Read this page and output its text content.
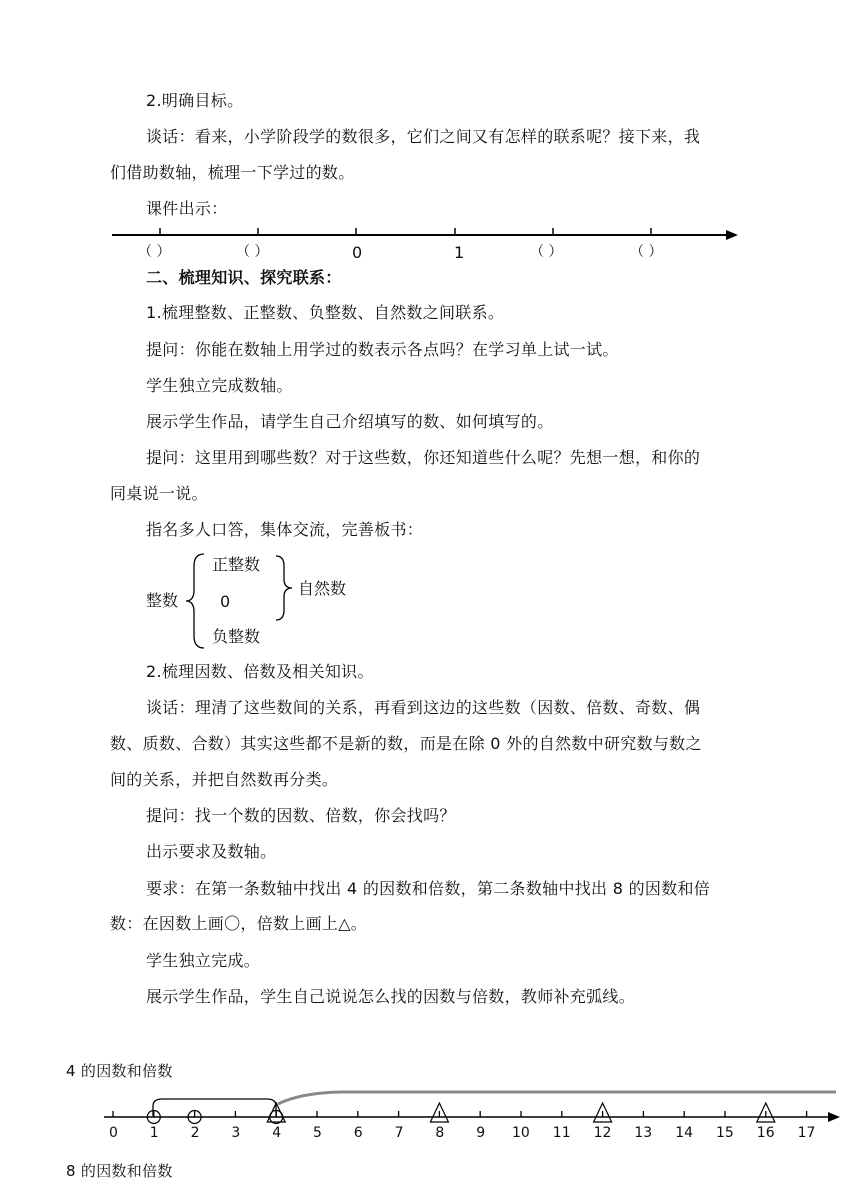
2.明确目标。
谈话：看来，小学阶段学的数很多，它们之间又有怎样的联系呢？接下来，我
们借助数轴，梳理一下学过的数。
课件出示：
（ ）	（ ）	0	1	（ ）	（ ）
二、梳理知识、探究联系：
1.梳理整数、正整数、负整数、自然数之间联系。
提问：你能在数轴上用学过的数表示各点吗？在学习单上试一试。
学生独立完成数轴。
展示学生作品，请学生自己介绍填写的数、如何填写的。
提问：这里用到哪些数？对于这些数，你还知道些什么呢？先想一想，和你的
同桌说一说。
指名多人口答，集体交流，完善板书：
整数
正整数
0
负整数
自然数
2.梳理因数、倍数及相关知识。
谈话：理清了这些数间的关系，再看到这边的这些数（因数、倍数、奇数、偶
数、质数、合数）其实这些都不是新的数，而是在除 0 外的自然数中研究数与数之
间的关系，并把自然数再分类。
提问：找一个数的因数、倍数，你会找吗？
出示要求及数轴。
要求：在第一条数轴中找出 4 的因数和倍数，第二条数轴中找出 8 的因数和倍
数：在因数上画〇，倍数上画上△。
学生独立完成。
展示学生作品，学生自己说说怎么找的因数与倍数，教师补充弧线。
4 的因数和倍数
0 1 2 3 4 5 6 7 8 9 10 11 12 13 14 15 16 17
8 的因数和倍数
